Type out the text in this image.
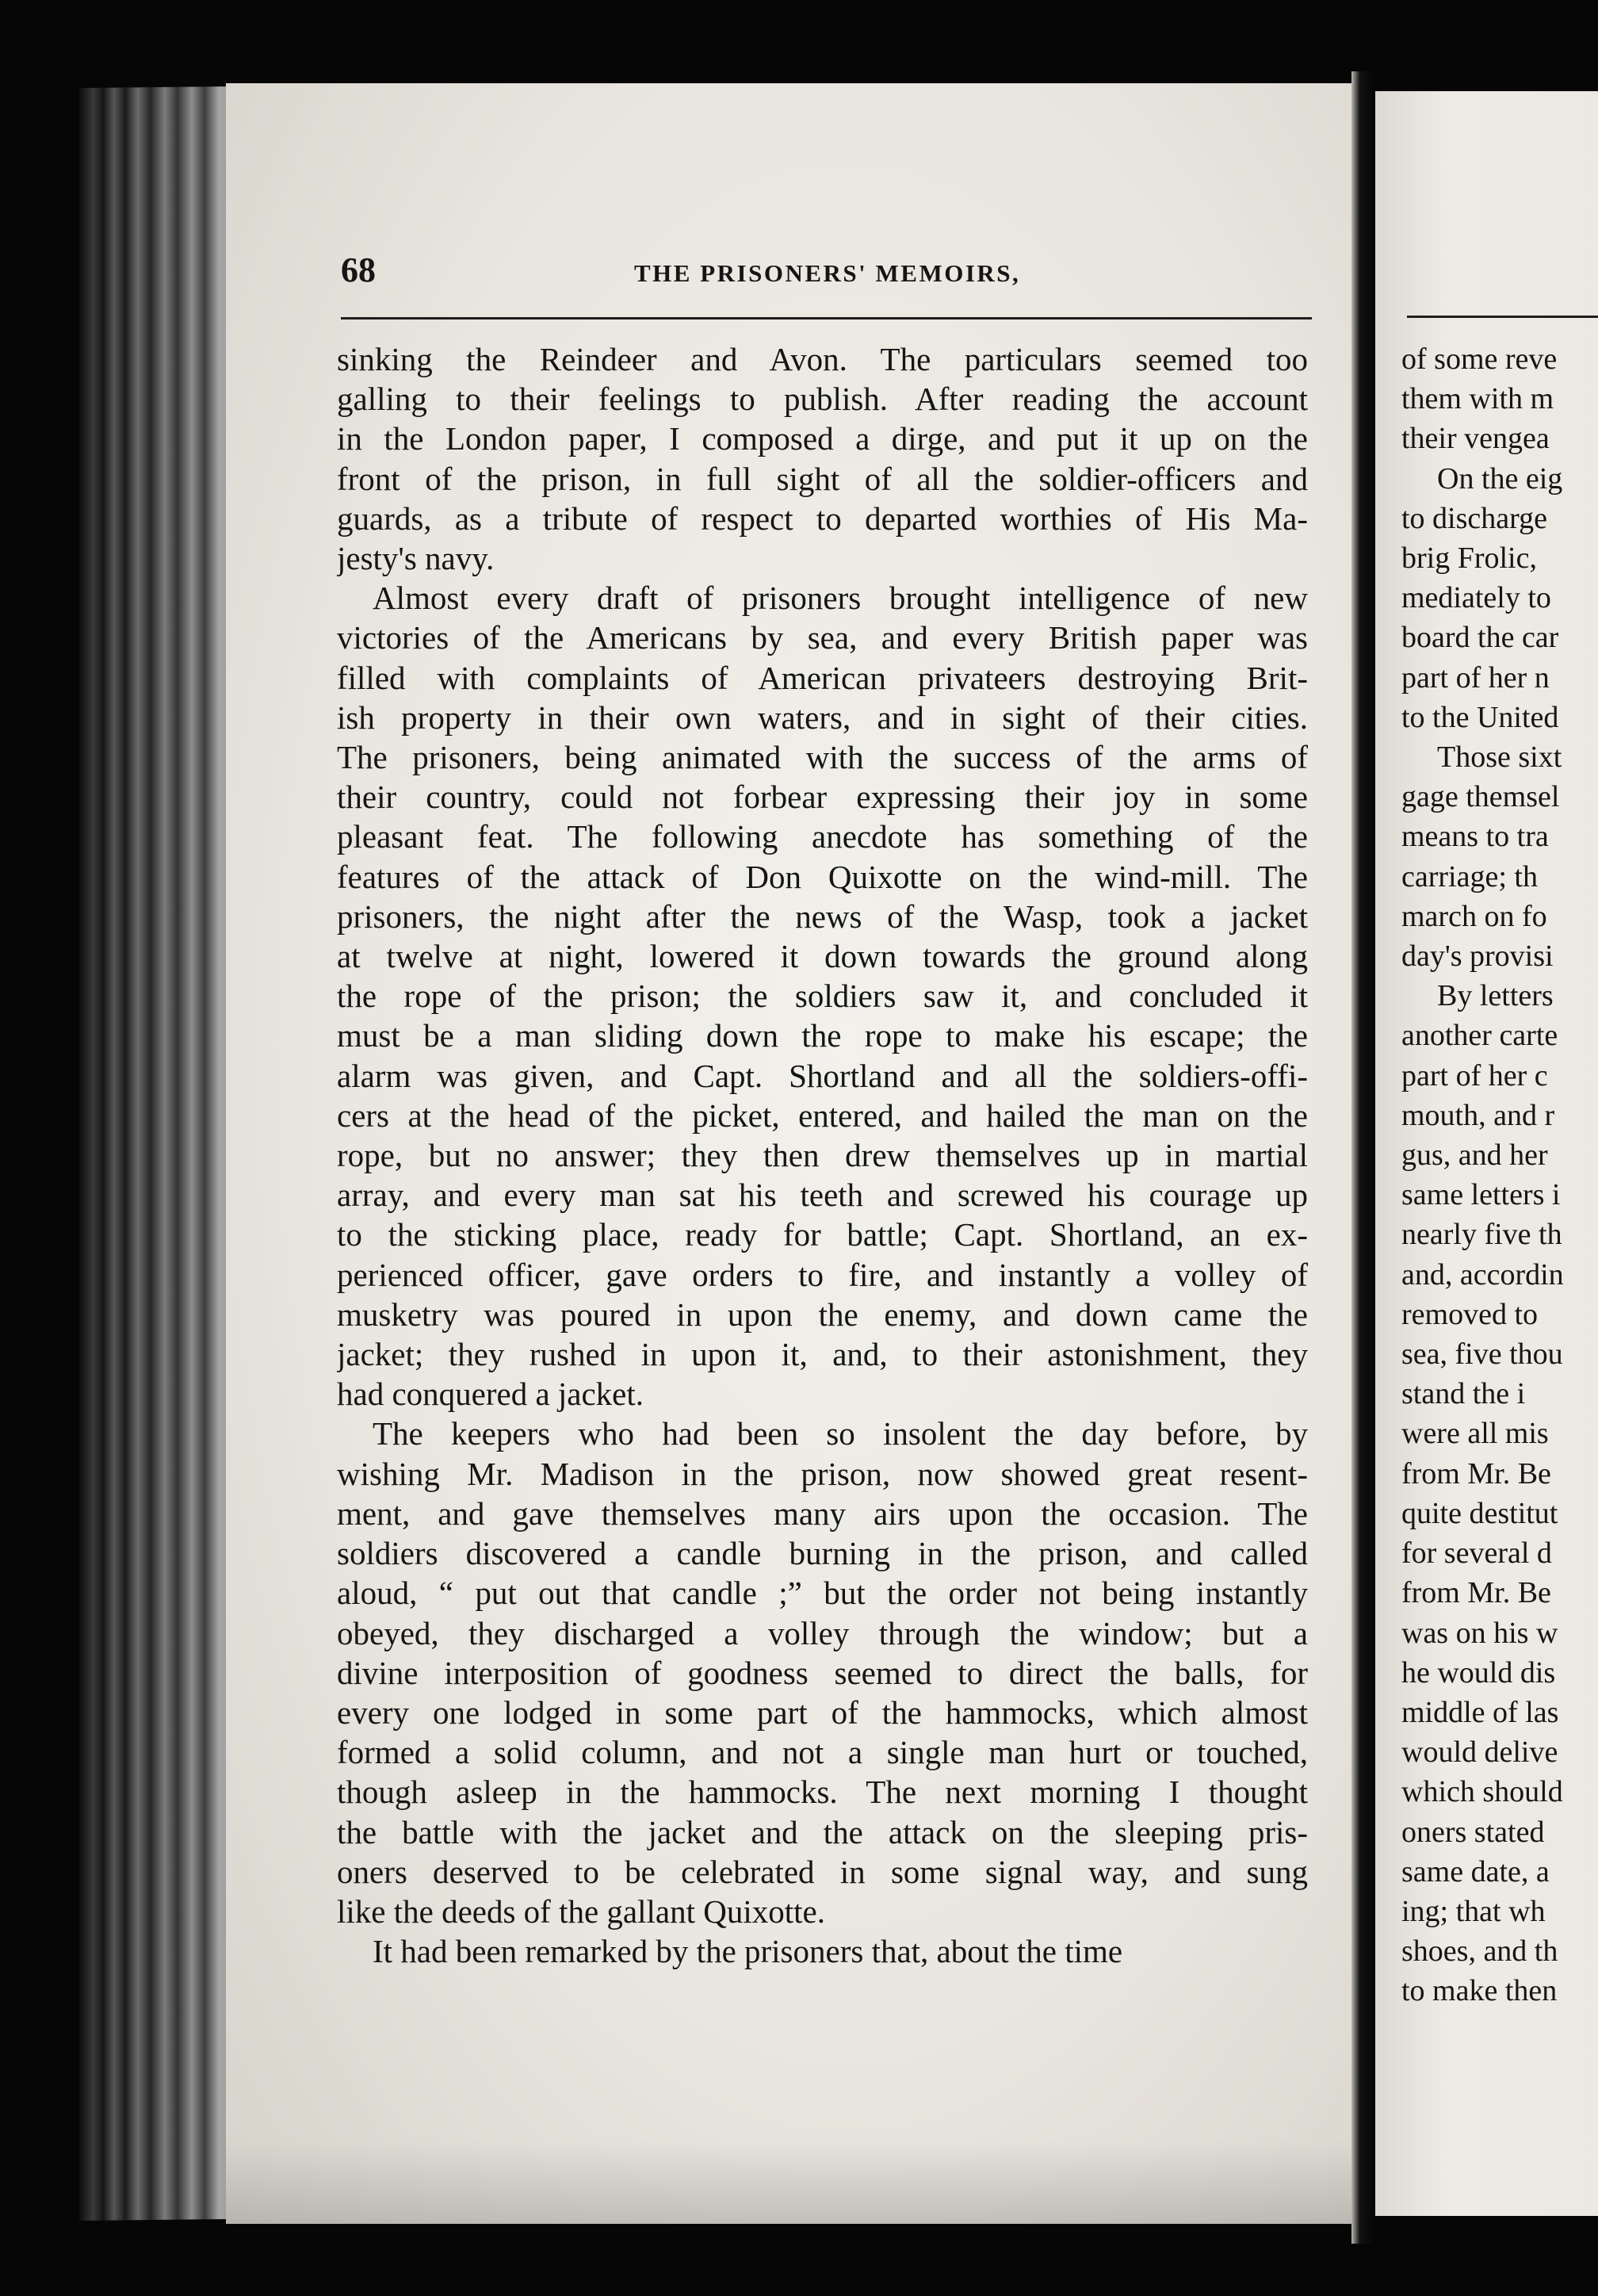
68	THE PRISONERS' MEMOIRS,
sinking the Reindeer and Avon. The particulars seemed too
galling to their feelings to publish. After reading the account
in the London paper, I composed a dirge, and put it up on the
front of the prison, in full sight of all the soldier-officers and
guards, as a tribute of respect to departed worthies of His Ma-
jesty's navy.
Almost every draft of prisoners brought intelligence of new
victories of the Americans by sea, and every British paper was
filled with complaints of American privateers destroying Brit-
ish property in their own waters, and in sight of their cities.
The prisoners, being animated with the success of the arms of
their country, could not forbear expressing their joy in some
pleasant feat. The following anecdote has something of the
features of the attack of Don Quixotte on the wind-mill. The
prisoners, the night after the news of the Wasp, took a jacket
at twelve at night, lowered it down towards the ground along
the rope of the prison; the soldiers saw it, and concluded it
must be a man sliding down the rope to make his escape; the
alarm was given, and Capt. Shortland and all the soldiers-offi-
cers at the head of the picket, entered, and hailed the man on the
rope, but no answer; they then drew themselves up in martial
array, and every man sat his teeth and screwed his courage up
to the sticking place, ready for battle; Capt. Shortland, an ex-
perienced officer, gave orders to fire, and instantly a volley of
musketry was poured in upon the enemy, and down came the
jacket; they rushed in upon it, and, to their astonishment, they
had conquered a jacket.
The keepers who had been so insolent the day before, by
wishing Mr. Madison in the prison, now showed great resent-
ment, and gave themselves many airs upon the occasion. The
soldiers discovered a candle burning in the prison, and called
aloud, “ put out that candle ;” but the order not being instantly
obeyed, they discharged a volley through the window; but a
divine interposition of goodness seemed to direct the balls, for
every one lodged in some part of the hammocks, which almost
formed a solid column, and not a single man hurt or touched,
though asleep in the hammocks. The next morning I thought
the battle with the jacket and the attack on the sleeping pris-
oners deserved to be celebrated in some signal way, and sung
like the deeds of the gallant Quixotte.
It had been remarked by the prisoners that, about the time
of some reve
them with m
their vengea
On the eig
to discharge
brig Frolic,
mediately to
board the car
part of her n
to the United
Those sixt
gage themsel
means to tra
carriage; th
march on fo
day's provisi
By letters
another carte
part of her c
mouth, and r
gus, and her
same letters i
nearly five th
and, accordin
removed to
sea, five thou
stand the i
were all mis
from Mr. Be
quite destitut
for several d
from Mr. Be
was on his w
he would dis
middle of las
would delive
which should
oners stated
same date, a
ing; that wh
shoes, and th
to make then
